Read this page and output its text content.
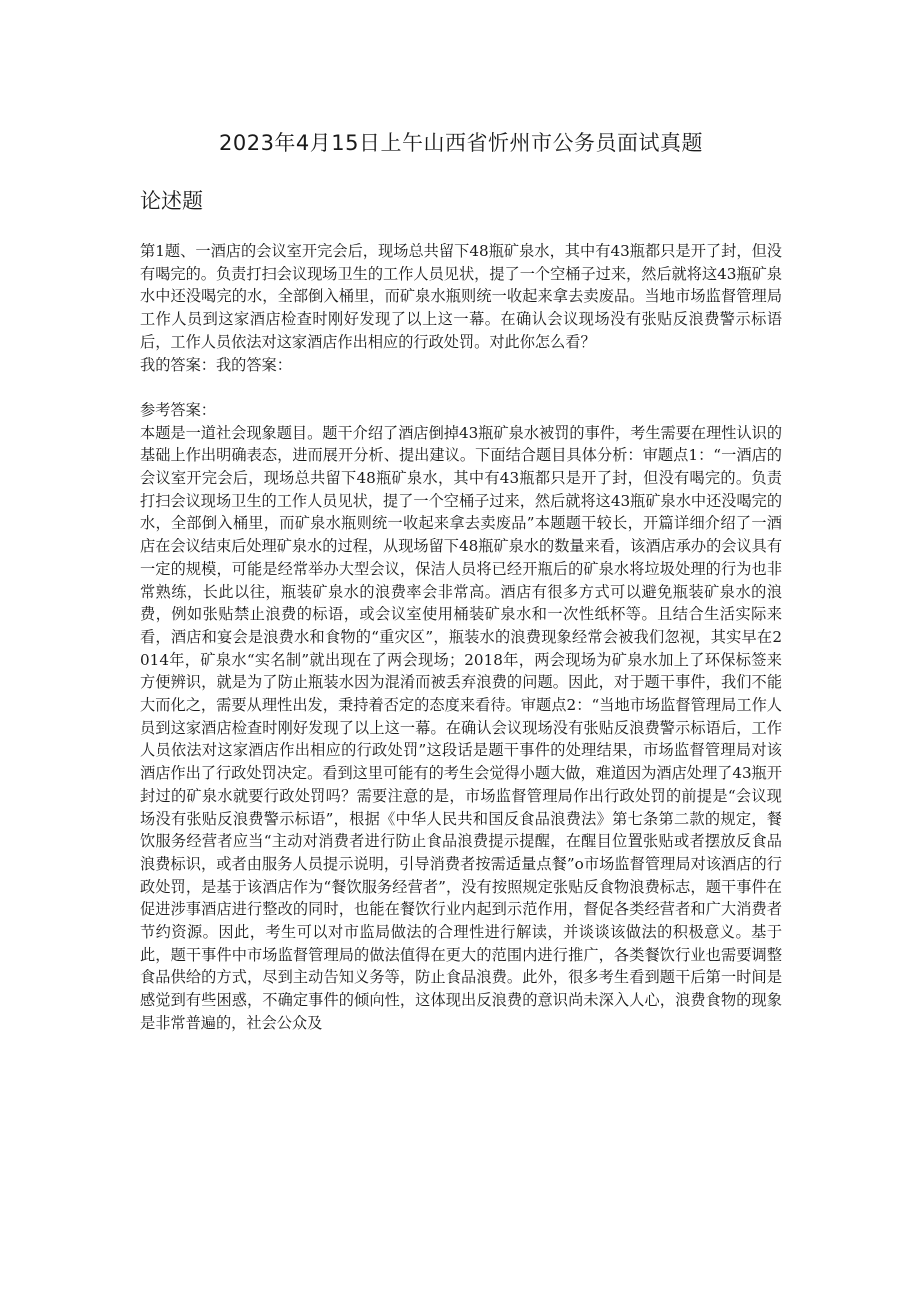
2023年4月15日上午山西省忻州市公务员面试真题
论述题

第1题、一酒店的会议室开完会后，现场总共留下48瓶矿泉水，其中有43瓶都只是开了封，但没有喝完的。负责打扫会议现场卫生的工作人员见状，提了一个空桶子过来，然后就将这43瓶矿泉水中还没喝完的水，全部倒入桶里，而矿泉水瓶则统一收起来拿去卖废品。当地市场监督管理局工作人员到这家酒店检查时刚好发现了以上这一幕。在确认会议现场没有张贴反浪费警示标语后，工作人员依法对这家酒店作出相应的行政处罚。对此你怎么看？

我的答案：我的答案：

参考答案：

本题是一道社会现象题目。题干介绍了酒店倒掉43瓶矿泉水被罚的事件，考生需要在理性认识的基础上作出明确表态，进而展开分析、提出建议。下面结合题目具体分析：审题点1：“一酒店的会议室开完会后，现场总共留下48瓶矿泉水，其中有43瓶都只是开了封，但没有喝完的。负责打扫会议现场卫生的工作人员见状，提了一个空桶子过来，然后就将这43瓶矿泉水中还没喝完的水，全部倒入桶里，而矿泉水瓶则统一收起来拿去卖废品”本题题干较长，开篇详细介绍了一酒店在会议结束后处理矿泉水的过程，从现场留下48瓶矿泉水的数量来看，该酒店承办的会议具有一定的规模，可能是经常举办大型会议，保洁人员将已经开瓶后的矿泉水将垃圾处理的行为也非常熟练，长此以往，瓶装矿泉水的浪费率会非常高。酒店有很多方式可以避免瓶装矿泉水的浪费，例如张贴禁止浪费的标语，或会议室使用桶装矿泉水和一次性纸杯等。且结合生活实际来看，酒店和宴会是浪费水和食物的“重灾区”，瓶装水的浪费现象经常会被我们忽视，其实早在2014年，矿泉水“实名制”就出现在了两会现场；2018年，两会现场为矿泉水加上了环保标签来方便辨识，就是为了防止瓶装水因为混淆而被丢弃浪费的问题。因此，对于题干事件，我们不能大而化之，需要从理性出发，秉持着否定的态度来看待。审题点2：“当地市场监督管理局工作人员到这家酒店检查时刚好发现了以上这一幕。在确认会议现场没有张贴反浪费警示标语后，工作人员依法对这家酒店作出相应的行政处罚”这段话是题干事件的处理结果，市场监督管理局对该酒店作出了行政处罚决定。看到这里可能有的考生会觉得小题大做，难道因为酒店处理了43瓶开封过的矿泉水就要行政处罚吗？需要注意的是，市场监督管理局作出行政处罚的前提是“会议现场没有张贴反浪费警示标语”，根据《中华人民共和国反食品浪费法》第七条第二款的规定，餐饮服务经营者应当“主动对消费者进行防止食品浪费提示提醒，在醒目位置张贴或者摆放反食品浪费标识，或者由服务人员提示说明，引导消费者按需适量点餐”o市场监督管理局对该酒店的行政处罚，是基于该酒店作为“餐饮服务经营者”，没有按照规定张贴反食物浪费标志，题干事件在促进涉事酒店进行整改的同时，也能在餐饮行业内起到示范作用，督促各类经营者和广大消费者节约资源。因此，考生可以对市监局做法的合理性进行解读，并谈谈该做法的积极意义。基于此，题干事件中市场监督管理局的做法值得在更大的范围内进行推广，各类餐饮行业也需要调整食品供给的方式，尽到主动告知义务等，防止食品浪费。此外，很多考生看到题干后第一时间是感觉到有些困惑，不确定事件的倾向性，这体现出反浪费的意识尚未深入人心，浪费食物的现象是非常普遍的，社会公众及
